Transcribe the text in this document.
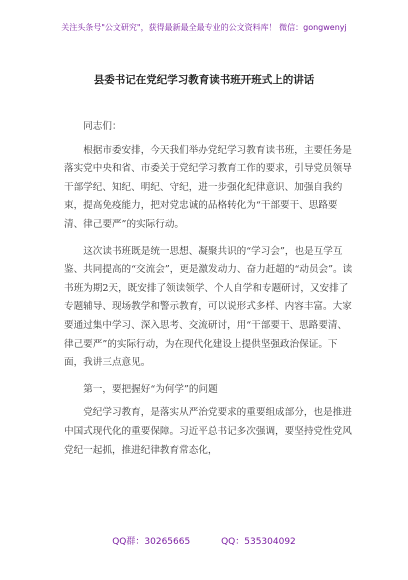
关注头条号"公文研究"，获得最新最全最专业的公文资料库！ 微信：gongwenyj
县委书记在党纪学习教育读书班开班式上的讲话

同志们：

根据市委安排，今天我们举办党纪学习教育读书班，主要任务是落实党中央和省、市委关于党纪学习教育工作的要求，引导党员领导干部学纪、知纪、明纪、守纪，进一步强化纪律意识、加强自我约束，提高免疫能力，把对党忠诚的品格转化为“干部要干、思路要清、律己要严”的实际行动。

这次读书班既是统一思想、凝聚共识的“学习会”，也是互学互鉴、共同提高的“交流会”，更是激发动力、奋力赶超的“动员会”。读书班为期2天，既安排了领读领学、个人自学和专题研讨，又安排了专题辅导、现场教学和警示教育，可以说形式多样、内容丰富。大家要通过集中学习、深入思考、交流研讨，用“干部要干、思路要清、律己要严”的实际行动，为在现代化建设上提供坚强政治保证。下面，我讲三点意见。

第一，要把握好“为何学”的问题

党纪学习教育，是落实从严治党要求的重要组成部分，也是推进中国式现代化的重要保障。习近平总书记多次强调，要坚持党性党风党纪一起抓，推进纪律教育常态化，

QQ群：30265665	QQ：535304092
